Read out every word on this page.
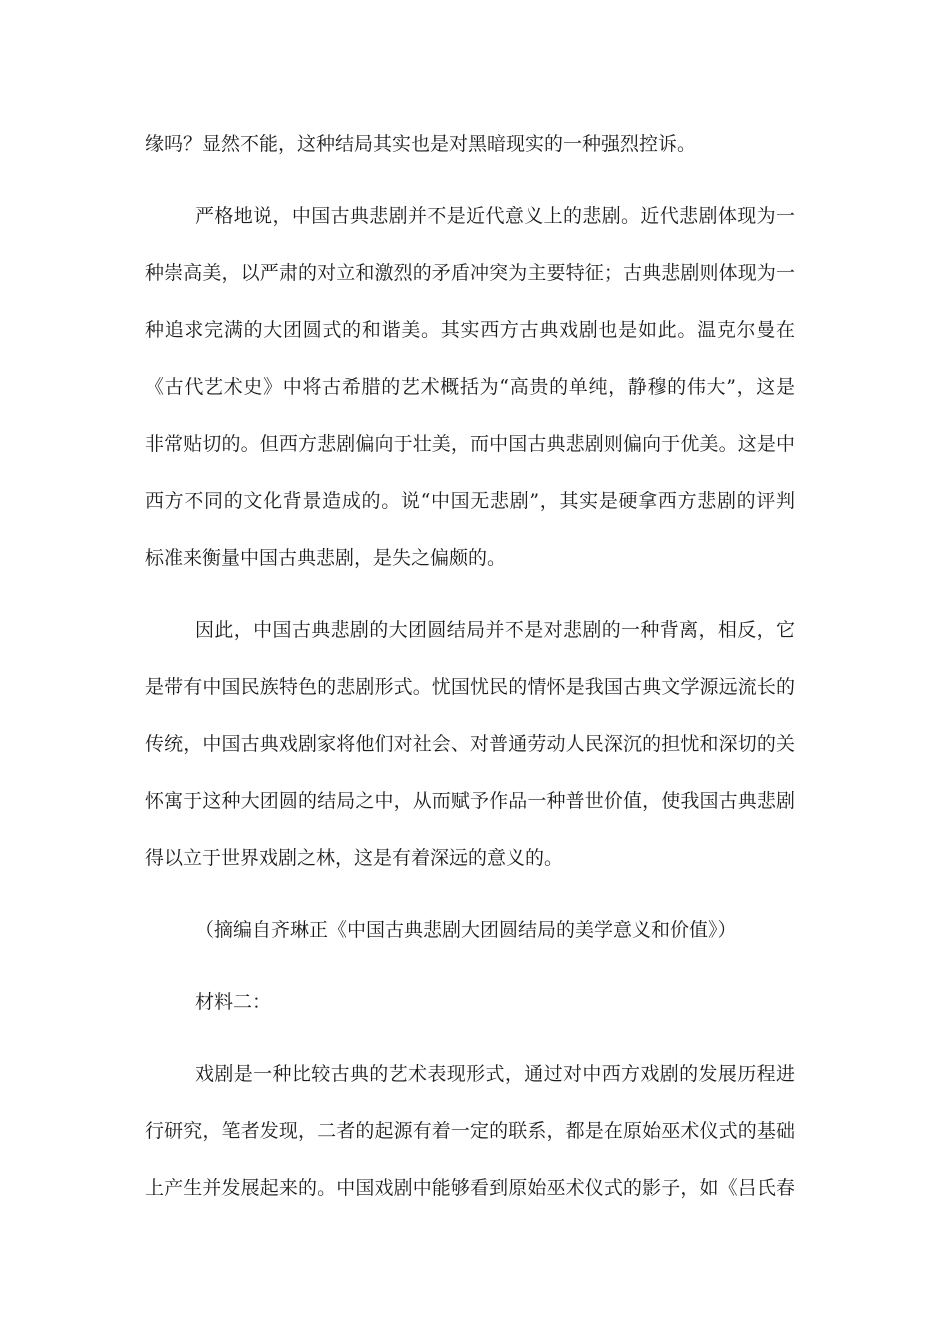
缘吗？显然不能，这种结局其实也是对黑暗现实的一种强烈控诉。
严格地说，中国古典悲剧并不是近代意义上的悲剧。近代悲剧体现为一
种崇高美，以严肃的对立和激烈的矛盾冲突为主要特征；古典悲剧则体现为一
种追求完满的大团圆式的和谐美。其实西方古典戏剧也是如此。温克尔曼在
《古代艺术史》中将古希腊的艺术概括为“高贵的单纯，静穆的伟大”，这是
非常贴切的。但西方悲剧偏向于壮美，而中国古典悲剧则偏向于优美。这是中
西方不同的文化背景造成的。说“中国无悲剧”，其实是硬拿西方悲剧的评判
标准来衡量中国古典悲剧，是失之偏颇的。
因此，中国古典悲剧的大团圆结局并不是对悲剧的一种背离，相反，它
是带有中国民族特色的悲剧形式。忧国忧民的情怀是我国古典文学源远流长的
传统，中国古典戏剧家将他们对社会、对普通劳动人民深沉的担忧和深切的关
怀寓于这种大团圆的结局之中，从而赋予作品一种普世价值，使我国古典悲剧
得以立于世界戏剧之林，这是有着深远的意义的。
（摘编自齐琳正《中国古典悲剧大团圆结局的美学意义和价值》）
材料二：
戏剧是一种比较古典的艺术表现形式，通过对中西方戏剧的发展历程进
行研究，笔者发现，二者的起源有着一定的联系，都是在原始巫术仪式的基础
上产生并发展起来的。中国戏剧中能够看到原始巫术仪式的影子，如《吕氏春
